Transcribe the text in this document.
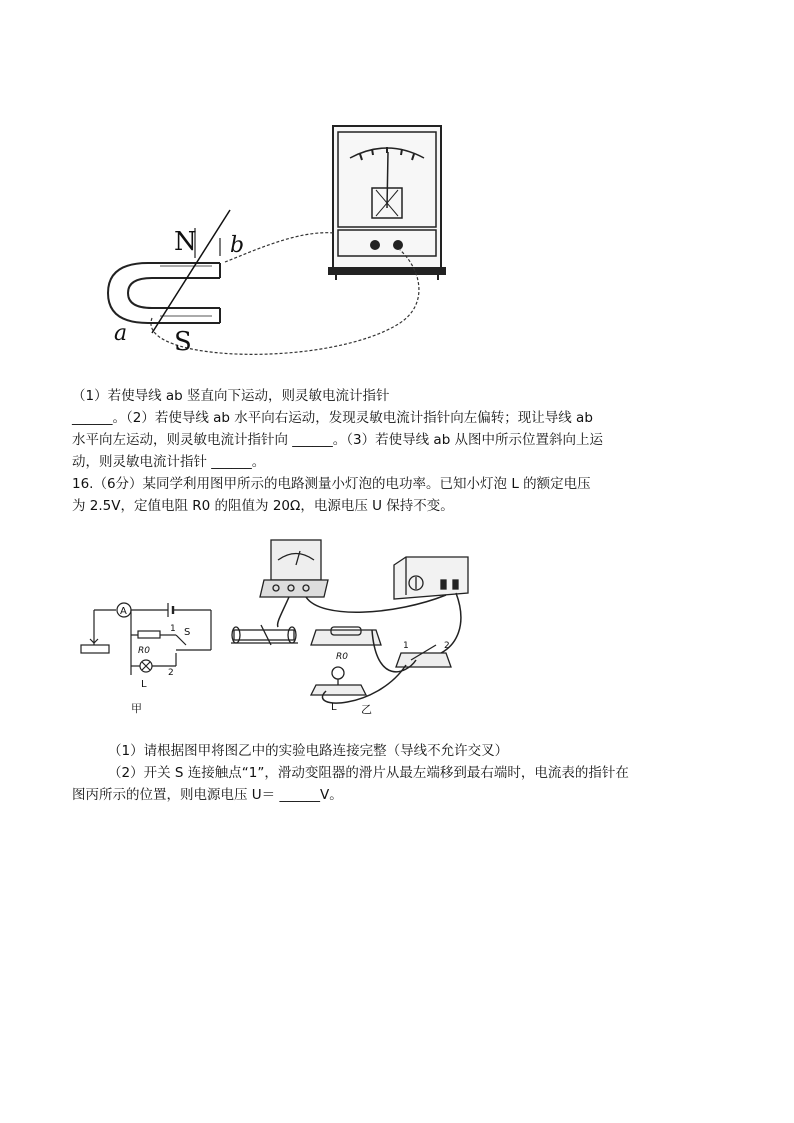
N
S
a
b
（1）若使导线 ab 竖直向下运动，则灵敏电流计指针
______。（2）若使导线 ab 水平向右运动，发现灵敏电流计指针向左偏转；现让导线 ab
水平向左运动，则灵敏电流计指针向 ______。（3）若使导线 ab 从图中所示位置斜向上运
动，则灵敏电流计指针 ______。
16.（6分）某同学利用图甲所示的电路测量小灯泡的电功率。已知小灯泡 L 的额定电压
为 2.5V，定值电阻 R0 的阻值为 20Ω，电源电压 U 保持不变。
A
R0
S
1
2
L
甲
R0
L 乙
1	2
（1）请根据图甲将图乙中的实验电路连接完整（导线不允许交叉）
（2）开关 S 连接触点“1”，滑动变阻器的滑片从最左端移到最右端时，电流表的指针在
图丙所示的位置，则电源电压 U＝ ______V。
